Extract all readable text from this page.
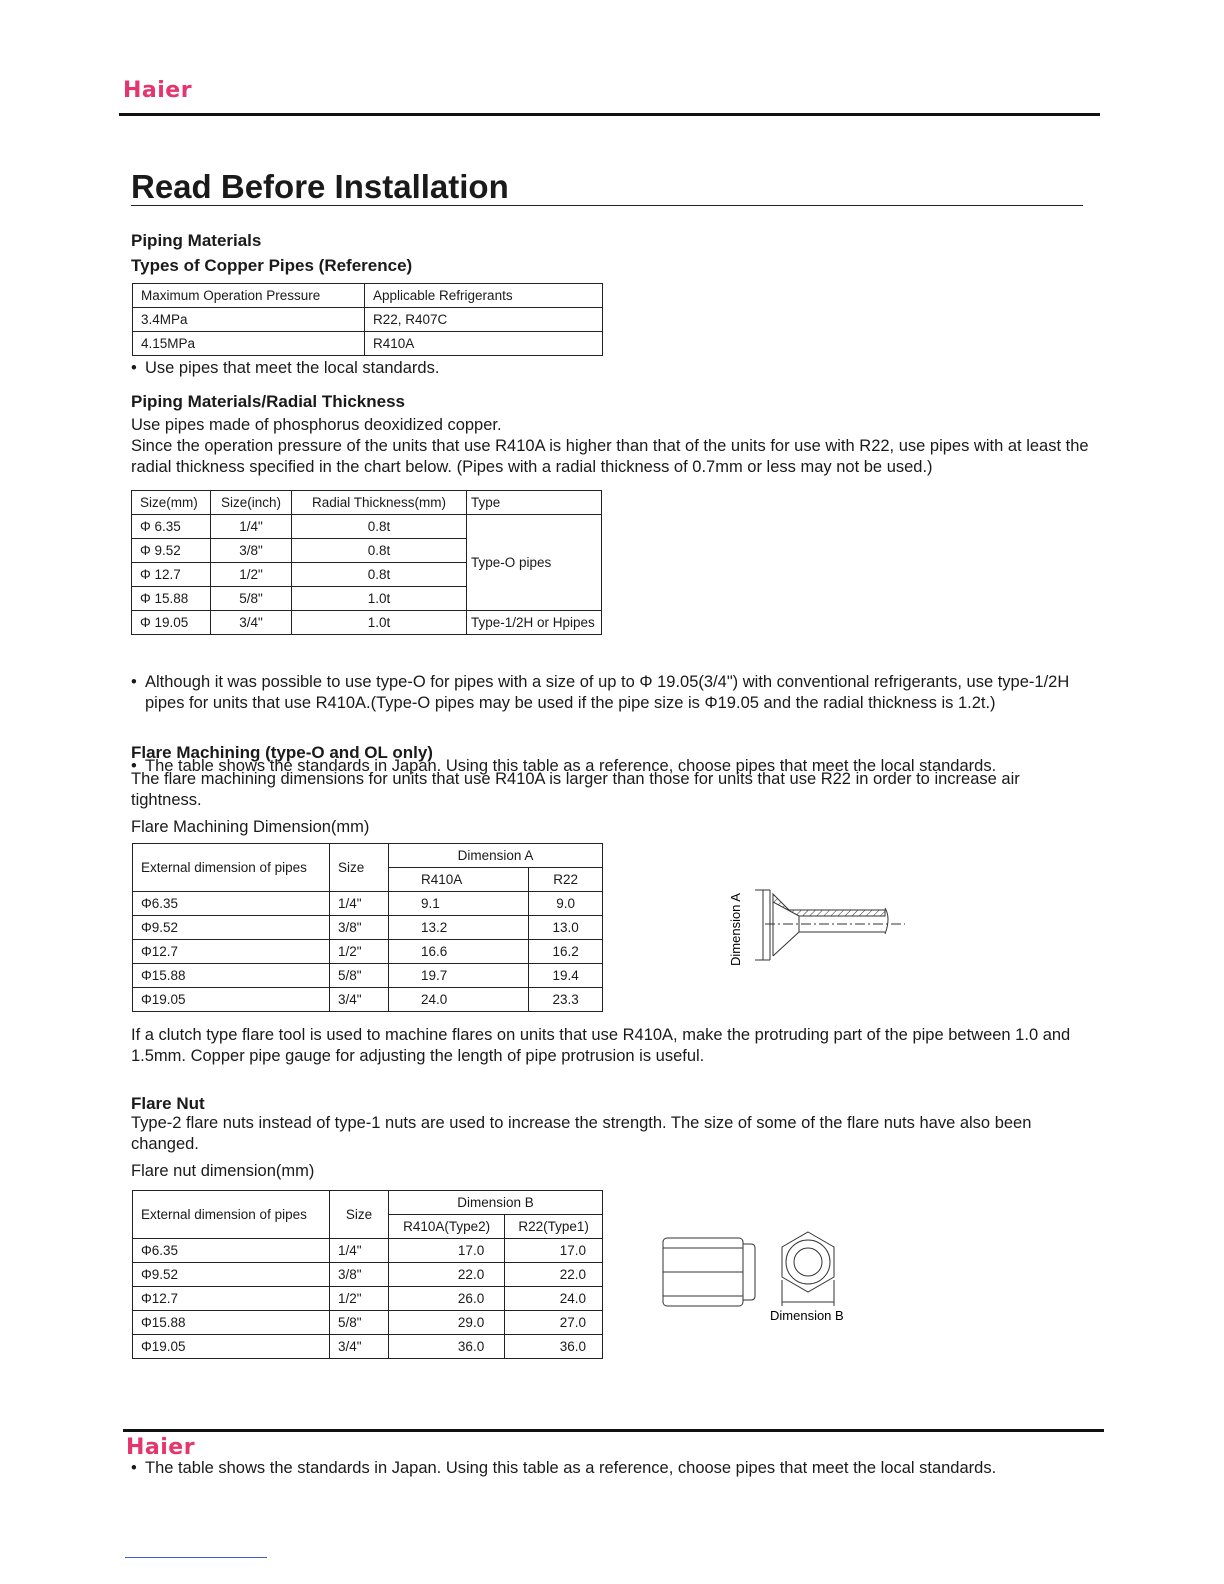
Haier
Read Before Installation
Piping Materials
Types of Copper Pipes (Reference)
Maximum Operation Pressure	Applicable Refrigerants
3.4MPa	R22, R407C
4.15MPa	R410A
• Use pipes that meet the local standards.
Piping Materials/Radial Thickness
Use pipes made of phosphorus deoxidized copper.
Since the operation pressure of the units that use R410A is higher than that of the units for use with R22, use pipes with at least the radial thickness specified in the chart below. (Pipes with a radial thickness of 0.7mm or less may not be used.)
Size(mm)	Size(inch)	Radial Thickness(mm)	Type
Φ 6.35	1/4"	0.8t	Type-O pipes
Φ 9.52	3/8"	0.8t	
Φ 12.7	1/2"	0.8t	
Φ 15.88	5/8"	1.0t	
Φ 19.05	3/4"	1.0t	Type-1/2H or Hpipes
• Although it was possible to use type-O for pipes with a size of up to Φ 19.05(3/4") with conventional refrigerants, use type-1/2H pipes for units that use R410A.(Type-O pipes may be used if the pipe size is Φ19.05 and the radial thickness is 1.2t.)
• The table shows the standards in Japan. Using this table as a reference, choose pipes that meet the local standards.
Flare Machining (type-O and OL only)
The flare machining dimensions for units that use R410A is larger than those for units that use R22 in order to increase air tightness.
Flare Machining Dimension(mm)
External dimension of pipes	Size	Dimension A	
		R410A	R22
Φ6.35	1/4"	9.1	9.0
Φ9.52	3/8"	13.2	13.0
Φ12.7	1/2"	16.6	16.2
Φ15.88	5/8"	19.7	19.4
Φ19.05	3/4"	24.0	23.3
Dimension A
If a clutch type flare tool is used to machine flares on units that use R410A, make the protruding part of the pipe between 1.0 and 1.5mm. Copper pipe gauge for adjusting the length of pipe protrusion is useful.
Flare Nut
Type-2 flare nuts instead of type-1 nuts are used to increase the strength. The size of some of the flare nuts have also been changed.
Flare nut dimension(mm)
External dimension of pipes	Size	Dimension B	
		R410A(Type2)	R22(Type1)
Φ6.35	1/4"	17.0	17.0
Φ9.52	3/8"	22.0	22.0
Φ12.7	1/2"	26.0	24.0
Φ15.88	5/8"	29.0	27.0
Φ19.05	3/4"	36.0	36.0
Dimension B
• The table shows the standards in Japan. Using this table as a reference, choose pipes that meet the local standards.
Haier
